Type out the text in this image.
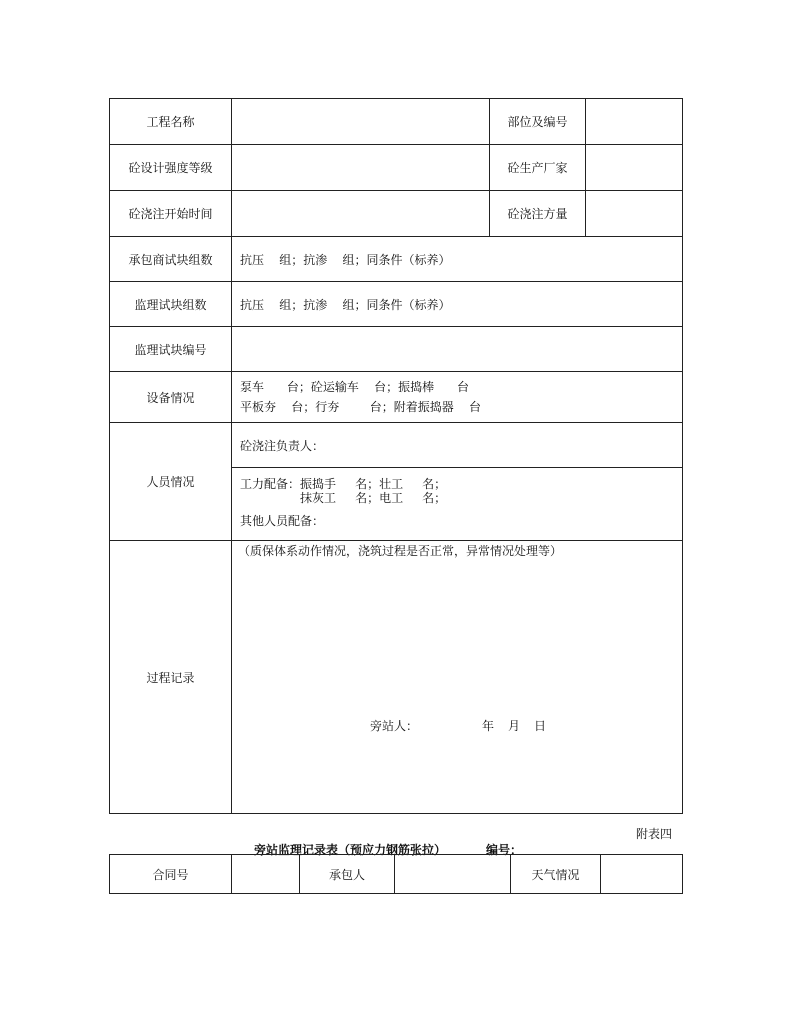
工程名称		部位及编号	
砼设计强度等级		砼生产厂家	
砼浇注开始时间		砼浇注方量	
承包商试块组数	抗压    组；抗渗    组；同条件（标养）		
监理试块组数	抗压    组；抗渗    组；同条件（标养）		
监理试块编号			
设备情况	泵车      台；砼运输车    台；振捣棒      台
平板夯    台；行夯        台；附着振捣器    台		

人员情况	砼浇注负责人：		

	工力配备：振捣手     名；壮工     名；
抹灰工     名；电工     名；
其他人员配备：		

过程记录	（质保体系动作情况，浇筑过程是否正常，异常情况处理等）
旁站人： 年 月 日		
附表四
旁站监理记录表（预应力钢筋张拉）	编号：
合同号		承包人		天气情况	
